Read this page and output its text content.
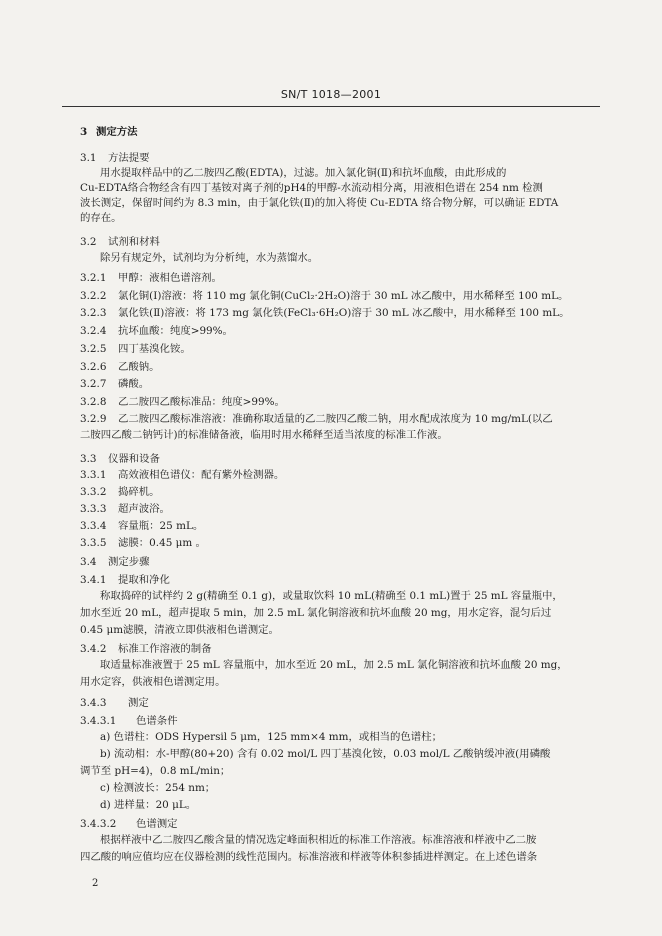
SN/T 1018—2001
3 测定方法
3.1 方法提要
用水提取样品中的乙二胺四乙酸(EDTA)，过滤。加入氯化铜(Ⅱ)和抗坏血酸，由此形成的
Cu-EDTA络合物经含有四丁基铵对离子剂的pH4的甲醇-水流动相分离，用液相色谱在 254 nm 检测
波长测定，保留时间约为 8.3 min，由于氯化铁(Ⅱ)的加入将使 Cu-EDTA 络合物分解，可以确证 EDTA
的存在。
3.2 试剂和材料
除另有规定外，试剂均为分析纯，水为蒸馏水。
3.2.1 甲醇：液相色谱溶剂。
3.2.2 氯化铜(Ⅰ)溶液：将 110 mg 氯化铜(CuCl₂·2H₂O)溶于 30 mL 冰乙酸中，用水稀释至 100 mL。
3.2.3 氯化铁(Ⅱ)溶液：将 173 mg 氯化铁(FeCl₃·6H₂O)溶于 30 mL 冰乙酸中，用水稀释至 100 mL。
3.2.4 抗坏血酸：纯度>99%。
3.2.5 四丁基溴化铵。
3.2.6 乙酸钠。
3.2.7 磷酸。
3.2.8 乙二胺四乙酸标准品：纯度>99%。
3.2.9 乙二胺四乙酸标准溶液：准确称取适量的乙二胺四乙酸二钠，用水配成浓度为 10 mg/mL(以乙
二胺四乙酸二钠钙计)的标准储备液，临用时用水稀释至适当浓度的标准工作液。
3.3 仪器和设备
3.3.1 高效液相色谱仪：配有紫外检测器。
3.3.2 捣碎机。
3.3.3 超声波浴。
3.3.4 容量瓶：25 mL。
3.3.5 滤膜：0.45 μm 。
3.4 测定步骤
3.4.1 提取和净化
称取捣碎的试样约 2 g(精确至 0.1 g)，或量取饮料 10 mL(精确至 0.1 mL)置于 25 mL 容量瓶中，
加水至近 20 mL，超声提取 5 min，加 2.5 mL 氯化铜溶液和抗坏血酸 20 mg，用水定容，混匀后过
0.45 μm滤膜，清液立即供液相色谱测定。
3.4.2 标准工作溶液的制备
取适量标准液置于 25 mL 容量瓶中，加水至近 20 mL，加 2.5 mL 氯化铜溶液和抗坏血酸 20 mg，
用水定容，供液相色谱测定用。
3.4.3 测定
3.4.3.1 色谱条件
a) 色谱柱：ODS Hypersil 5 μm，125 mm×4 mm，或相当的色谱柱；
b) 流动相：水-甲醇(80+20) 含有 0.02 mol/L 四丁基溴化铵，0.03 mol/L 乙酸钠缓冲液(用磷酸
调节至 pH=4)，0.8 mL/min；
c) 检测波长：254 nm；
d) 进样量：20 μL。
3.4.3.2 色谱测定
根据样液中乙二胺四乙酸含量的情况选定峰面积相近的标准工作溶液。标准溶液和样液中乙二胺
四乙酸的响应值均应在仪器检测的线性范围内。标准溶液和样液等体积参插进样测定。在上述色谱条
2
